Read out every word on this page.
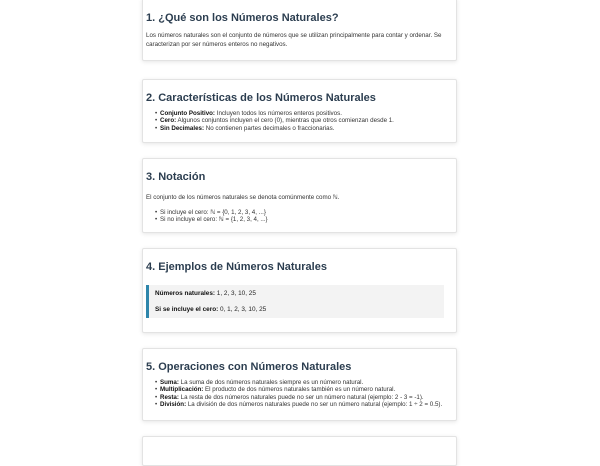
1. ¿Qué son los Números Naturales?

Los números naturales son el conjunto de números que se utilizan principalmente para contar y ordenar. Se

caracterizan por ser números enteros no negativos.

2. Características de los Números Naturales
• Conjunto Positivo: Incluyen todos los números enteros positivos.
• Cero: Algunos conjuntos incluyen el cero (0), mientras que otros comienzan desde 1.
• Sin Decimales: No contienen partes decimales o fraccionarias.
3. Notación

El conjunto de los números naturales se denota comúnmente como ℕ.

• Si incluye el cero: ℕ = {0, 1, 2, 3, 4, ...}
• Si no incluye el cero: ℕ = {1, 2, 3, 4, ...}
4. Ejemplos de Números Naturales
Números naturales: 1, 2, 3, 10, 25
Si se incluye el cero: 0, 1, 2, 3, 10, 25
5. Operaciones con Números Naturales
• Suma: La suma de dos números naturales siempre es un número natural.
• Multiplicación: El producto de dos números naturales también es un número natural.
• Resta: La resta de dos números naturales puede no ser un número natural (ejemplo: 2 - 3 = -1).
• División: La división de dos números naturales puede no ser un número natural (ejemplo: 1 ÷ 2 = 0.5).
